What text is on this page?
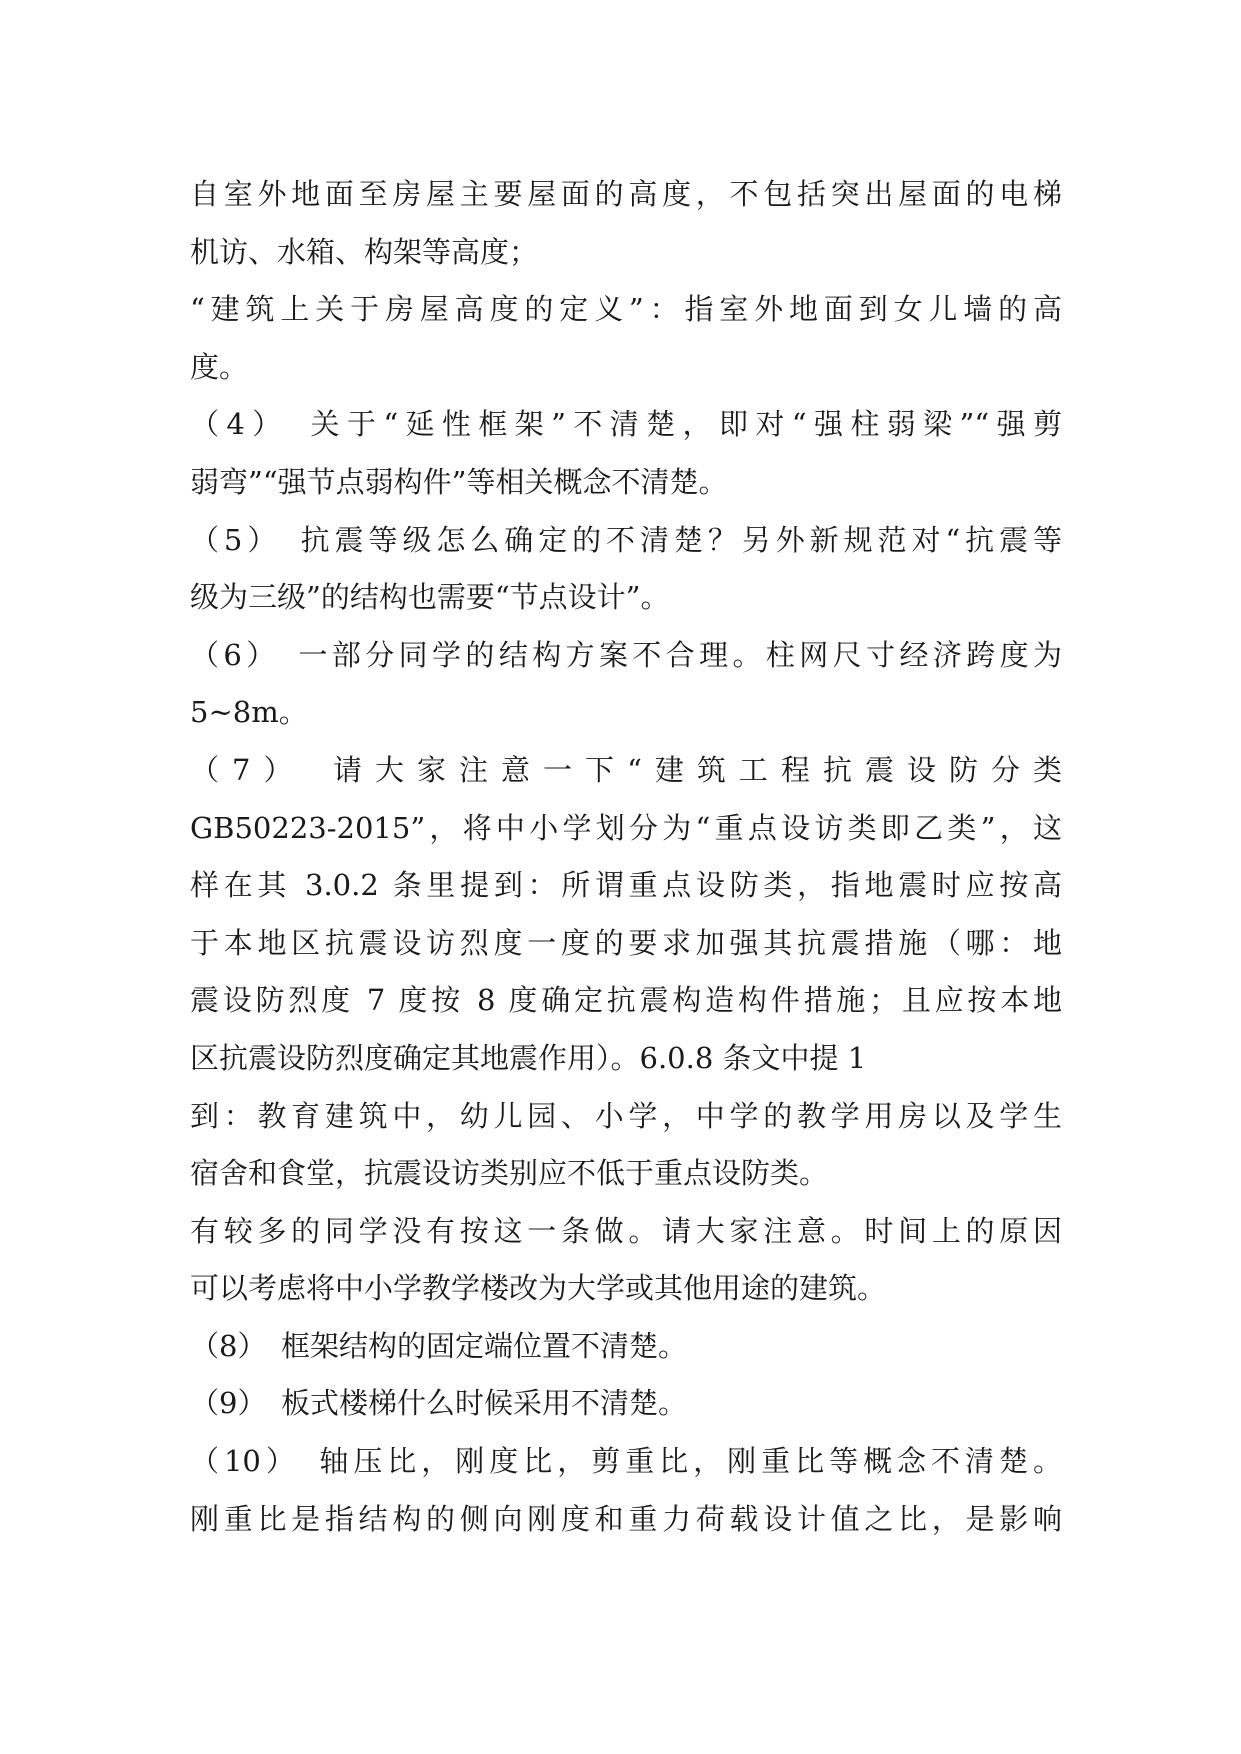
自室外地面至房屋主要屋面的高度，不包括突出屋面的电梯
机访、水箱、构架等高度；
“建筑上关于房屋高度的定义”：指室外地面到女儿墙的高
度。
（4）　关于“延性框架”不清楚，即对“强柱弱梁”“强剪
弱弯”“强节点弱构件”等相关概念不清楚。
（5）　抗震等级怎么确定的不清楚？另外新规范对“抗震等
级为三级”的结构也需要“节点设计”。
（6）　一部分同学的结构方案不合理。柱网尺寸经济跨度为
5~8m。
（7）　请大家注意一下“建筑工程抗震设防分类
GB50223-2015”，将中小学划分为“重点设访类即乙类”，这
样在其 3.0.2 条里提到：所谓重点设防类，指地震时应按高
于本地区抗震设访烈度一度的要求加强其抗震措施（哪：地
震设防烈度 7 度按 8 度确定抗震构造构件措施；且应按本地
区抗震设防烈度确定其地震作用）。6.0.8 条文中提 1
到：教育建筑中，幼儿园、小学，中学的教学用房以及学生
宿舍和食堂，抗震设访类别应不低于重点设防类。
有较多的同学没有按这一条做。请大家注意。时间上的原因
可以考虑将中小学教学楼改为大学或其他用途的建筑。
（8）　框架结构的固定端位置不清楚。
（9）　板式楼梯什么时候采用不清楚。
（10）　轴压比，刚度比，剪重比，刚重比等概念不清楚。
刚重比是指结构的侧向刚度和重力荷载设计值之比，是影响
